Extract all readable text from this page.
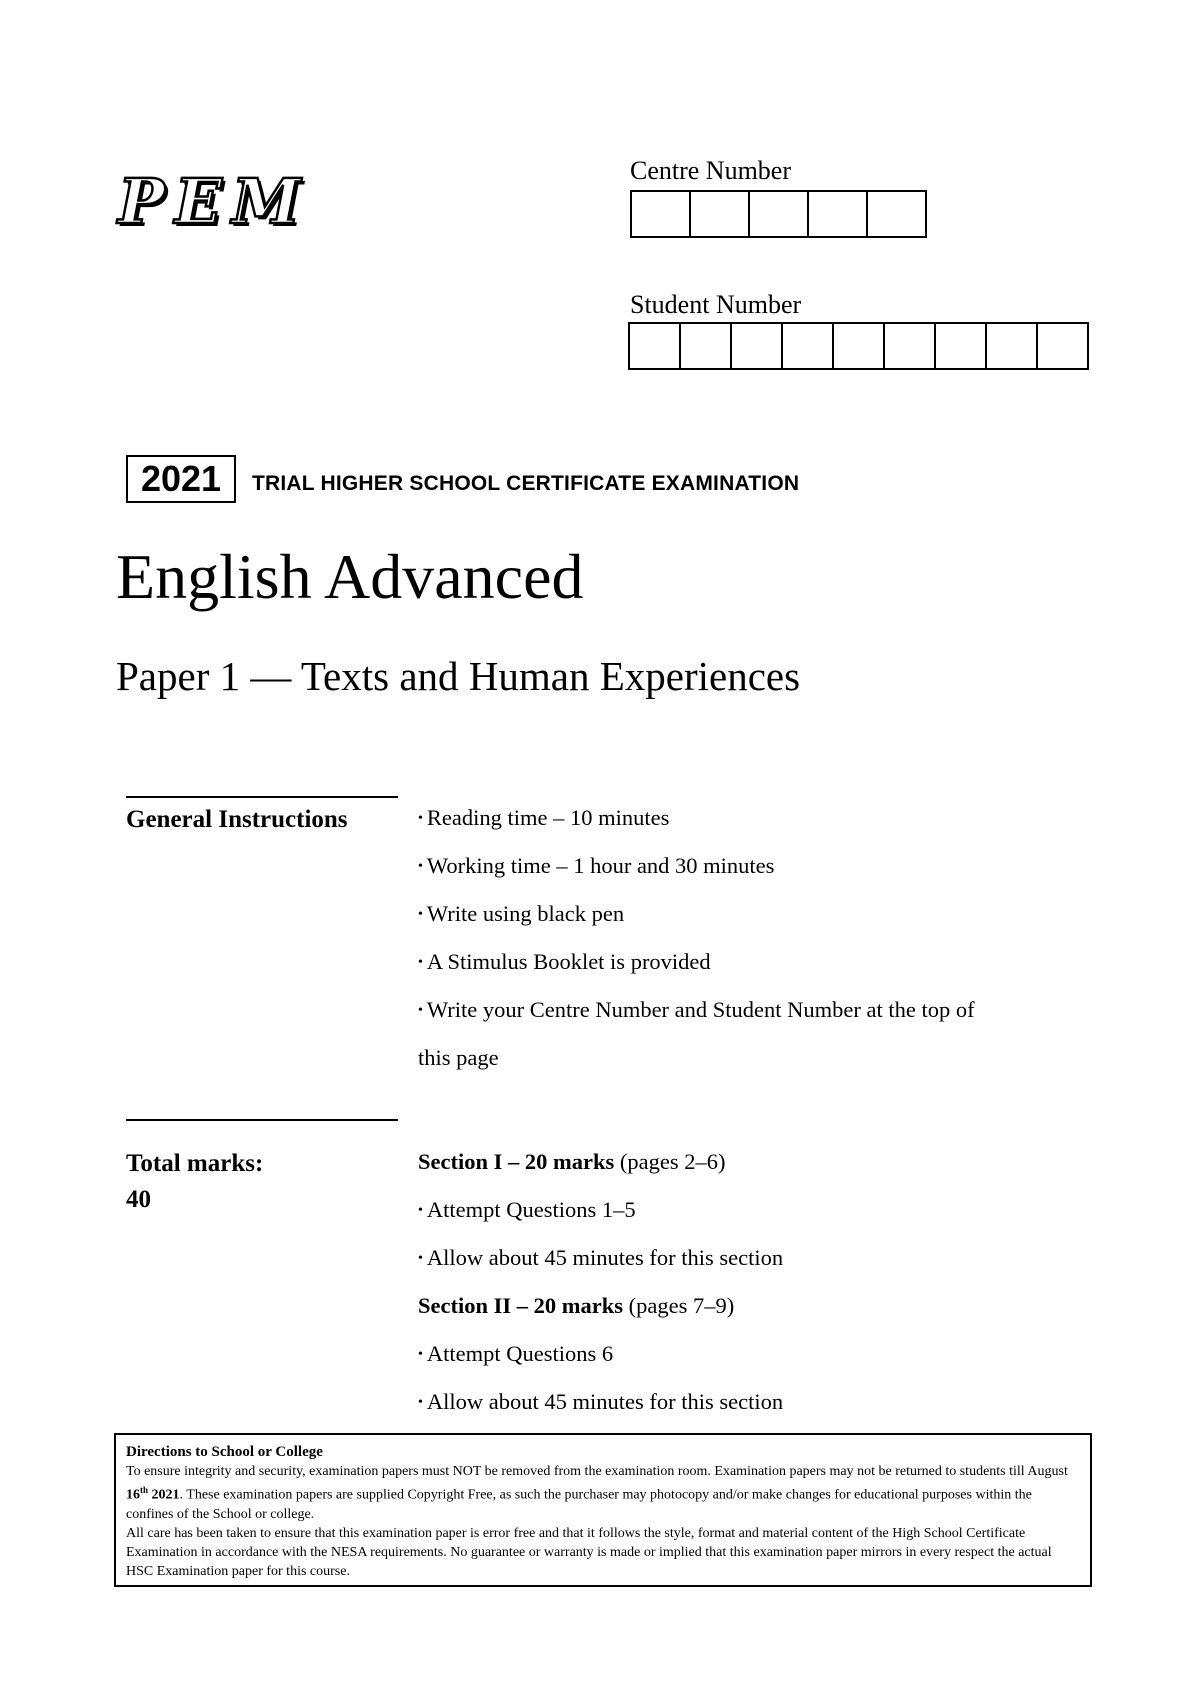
PEM	Centre Number
Student Number
2021	TRIAL HIGHER SCHOOL CERTIFICATE EXAMINATION
English Advanced
Paper 1 — Texts and Human Experiences
General Instructions	• Reading time – 10 minutes
• Working time – 1 hour and 30 minutes
• Write using black pen
• A Stimulus Booklet is provided
• Write your Centre Number and Student Number at the top of
this page
Total marks:
40
Section I – 20 marks (pages 2–6)
• Attempt Questions 1–5
• Allow about 45 minutes for this section
Section II – 20 marks (pages 7–9)
• Attempt Questions 6
• Allow about 45 minutes for this section
Directions to School or College

To ensure integrity and security, examination papers must NOT be removed from the examination room. Examination papers may not be returned to students till August 16th 2021. These examination papers are supplied Copyright Free, as such the purchaser may photocopy and/or make changes for educational purposes within the confines of the School or college.

All care has been taken to ensure that this examination paper is error free and that it follows the style, format and material content of the High School Certificate Examination in accordance with the NESA requirements. No guarantee or warranty is made or implied that this examination paper mirrors in every respect the actual HSC Examination paper for this course.
